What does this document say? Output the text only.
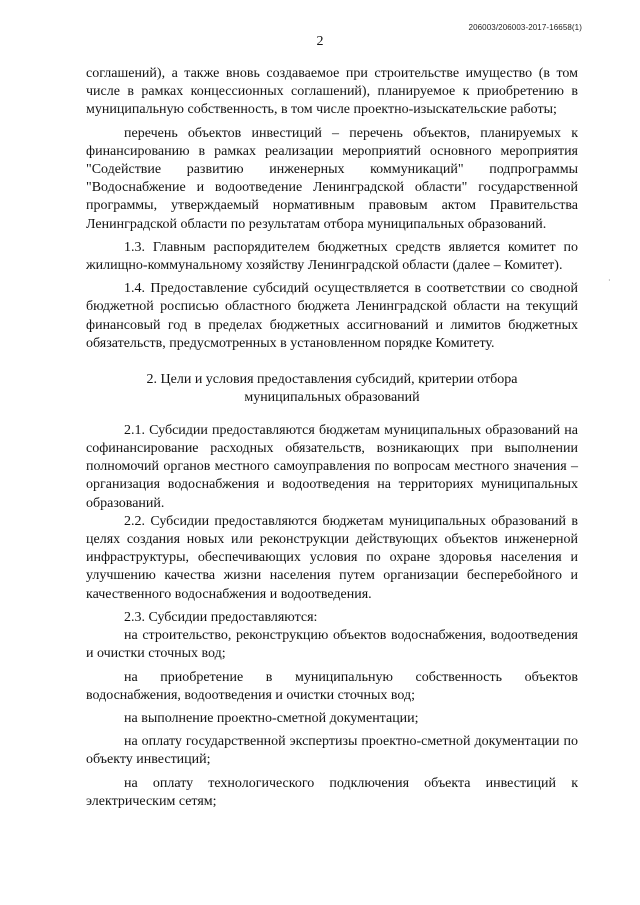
206003/206003-2017-16658(1)
2
·

соглашений), а также вновь создаваемое при строительстве имущество (в том числе в рамках концессионных соглашений), планируемое к приобретению в муниципальную собственность, в том числе проектно-изыскательские работы;

перечень объектов инвестиций – перечень объектов, планируемых к финансированию в рамках реализации мероприятий основного мероприятия "Содействие развитию инженерных коммуникаций" подпрограммы "Водоснабжение и водоотведение Ленинградской области" государственной программы, утверждаемый нормативным правовым актом Правительства Ленинградской области по результатам отбора муниципальных образований.

1.3. Главным распорядителем бюджетных средств является комитет по жилищно-коммунальному хозяйству Ленинградской области (далее – Комитет).

1.4. Предоставление субсидий осуществляется в соответствии со сводной бюджетной росписью областного бюджета Ленинградской области на текущий финансовый год в пределах бюджетных ассигнований и лимитов бюджетных обязательств, предусмотренных в установленном порядке Комитету.

2. Цели и условия предоставления субсидий, критерии отбора муниципальных образований

2.1. Субсидии предоставляются бюджетам муниципальных образований на софинансирование расходных обязательств, возникающих при выполнении полномочий органов местного самоуправления по вопросам местного значения – организация водоснабжения и водоотведения на территориях муниципальных образований.

2.2. Субсидии предоставляются бюджетам муниципальных образований в целях создания новых или реконструкции действующих объектов инженерной инфраструктуры, обеспечивающих условия по охране здоровья населения и улучшению качества жизни населения путем организации бесперебойного и качественного водоснабжения и водоотведения.

2.3. Субсидии предоставляются:

на строительство, реконструкцию объектов водоснабжения, водоотведения и очистки сточных вод;

на приобретение в муниципальную собственность объектов водоснабжения, водоотведения и очистки сточных вод;

на выполнение проектно-сметной документации;

на оплату государственной экспертизы проектно-сметной документации по объекту инвестиций;

на оплату технологического подключения объекта инвестиций к электрическим сетям;
